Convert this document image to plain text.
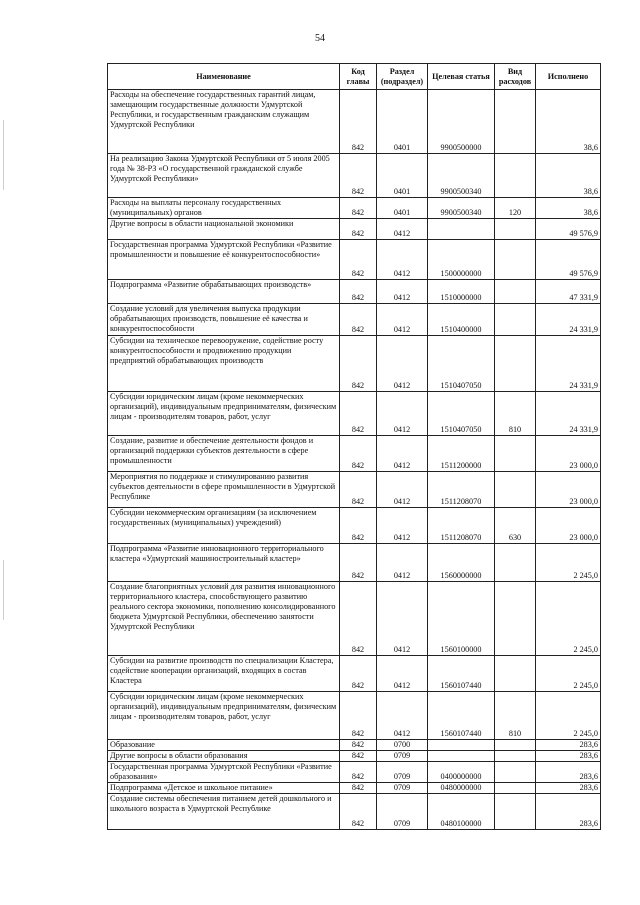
54
Наименование	Код главы	Раздел (подраздел)	Целевая статья	Вид расходов	Исполнено
Расходы на обеспечение государственных гарантий лицам, замещающим государственные должности Удмуртской Республики, и государственным гражданским служащим Удмуртской Республики	842	0401	9900500000		38,6
На реализацию Закона Удмуртской Республики от 5 июля 2005 года № 38-РЗ «О государственной гражданской службе Удмуртской Республики»	842	0401	9900500340		38,6
Расходы на выплаты персоналу государственных (муниципальных) органов	842	0401	9900500340	120	38,6
Другие вопросы в области национальной экономики	842	0412			49 576,9
Государственная программа Удмуртской Республики «Развитие промышленности и повышение её конкурентоспособности»	842	0412	1500000000		49 576,9
Подпрограмма «Развитие обрабатывающих производств»	842	0412	1510000000		47 331,9
Создание условий для увеличения выпуска продукции обрабатывающих производств, повышение её качества и конкурентоспособности	842	0412	1510400000		24 331,9
Субсидии на техническое перевооружение, содействие росту конкурентоспособности и продвижению продукции предприятий обрабатывающих производств	842	0412	1510407050		24 331,9
Субсидии юридическим лицам (кроме некоммерческих организаций), индивидуальным предпринимателям, физическим лицам - производителям товаров, работ, услуг	842	0412	1510407050	810	24 331,9
Создание, развитие и обеспечение деятельности фондов и организаций поддержки субъектов деятельности в сфере промышленности	842	0412	1511200000		23 000,0
Мероприятия по поддержке и стимулированию развития субъектов деятельности в сфере промышленности в Удмуртской Республике	842	0412	1511208070		23 000,0
Субсидии некоммерческим организациям (за исключением государственных (муниципальных) учреждений)	842	0412	1511208070	630	23 000,0
Подпрограмма «Развитие инновационного территориального кластера «Удмуртский машиностроительный кластер»	842	0412	1560000000		2 245,0
Создание благоприятных условий для развития инновационного территориального кластера, способствующего развитию реального сектора экономики, пополнению консолидированного бюджета Удмуртской Республики, обеспечению занятости Удмуртской Республики	842	0412	1560100000		2 245,0
Субсидии на развитие производств по специализации Кластера, содействие кооперации организаций, входящих в состав Кластера	842	0412	1560107440		2 245,0
Субсидии юридическим лицам (кроме некоммерческих организаций), индивидуальным предпринимателям, физическим лицам - производителям товаров, работ, услуг	842	0412	1560107440	810	2 245,0
Образование	842	0700			283,6
Другие вопросы в области образования	842	0709			283,6
Государственная программа Удмуртской Республики «Развитие образования»	842	0709	0400000000		283,6
Подпрограмма «Детское и школьное питание»	842	0709	0480000000		283,6
Создание системы обеспечения питанием детей дошкольного и школьного возраста в Удмуртской Республике	842	0709	0480100000		283,6
